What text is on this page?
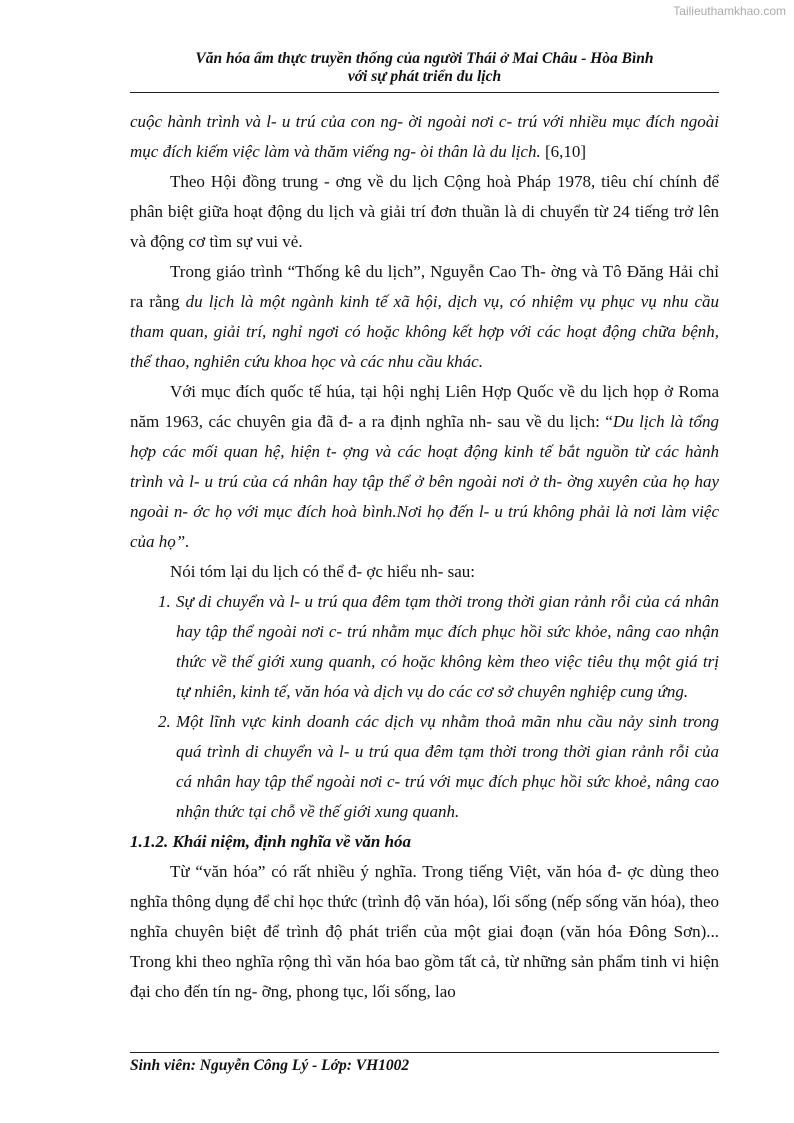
Tailieuthamkhao.com
Văn hóa ẩm thực truyền thống của người Thái ở Mai Châu - Hòa Bình
với sự phát triển du lịch

cuộc hành trình và l- u trú của con ng- ời ngoài nơi c- trú với nhiều mục đích ngoài mục đích kiếm việc làm và thăm viếng ng- òi thân là du lịch. [6,10]

Theo Hội đồng trung - ơng về du lịch Cộng hoà Pháp 1978, tiêu chí chính để phân biệt giữa hoạt động du lịch và giải trí đơn thuần là di chuyển từ 24 tiếng trở lên và động cơ tìm sự vui vẻ.

Trong giáo trình “Thống kê du lịch”, Nguyễn Cao Th- ờng và Tô Đăng Hải chỉ ra rằng du lịch là một ngành kinh tế xã hội, dịch vụ, có nhiệm vụ phục vụ nhu cầu tham quan, giải trí, nghỉ ngơi có hoặc không kết hợp với các hoạt động chữa bệnh, thể thao, nghiên cứu khoa học và các nhu cầu khác.

Với mục đích quốc tế húa, tại hội nghị Liên Hợp Quốc về du lịch họp ở Roma năm 1963, các chuyên gia đã đ- a ra định nghĩa nh- sau về du lịch: “Du lịch là tổng hợp các mối quan hệ, hiện t- ợng và các hoạt động kinh tế bắt nguồn từ các hành trình và l- u trú của cá nhân hay tập thể ở bên ngoài nơi ở th- ờng xuyên của họ hay ngoài n- ớc họ với mục đích hoà bình.Nơi họ đến l- u trú không phải là nơi làm việc của họ”.

Nói tóm lại du lịch có thể đ- ợc hiểu nh- sau:

1. Sự di chuyển và l- u trú qua đêm tạm thời trong thời gian rảnh rỗi của cá nhân hay tập thể ngoài nơi c- trú nhằm mục đích phục hồi sức khỏe, nâng cao nhận thức về thế giới xung quanh, có hoặc không kèm theo việc tiêu thụ một giá trị tự nhiên, kinh tế, văn hóa và dịch vụ do các cơ sở chuyên nghiệp cung ứng.
2. Một lĩnh vực kinh doanh các dịch vụ nhằm thoả mãn nhu cầu nảy sinh trong quá trình di chuyển và l- u trú qua đêm tạm thời trong thời gian rảnh rỗi của cá nhân hay tập thể ngoài nơi c- trú với mục đích phục hồi sức khoẻ, nâng cao nhận thức tại chỗ về thế giới xung quanh.

1.1.2. Khái niệm, định nghĩa về văn hóa

Từ “văn hóa” có rất nhiều ý nghĩa. Trong tiếng Việt, văn hóa đ- ợc dùng theo nghĩa thông dụng để chỉ học thức (trình độ văn hóa), lối sống (nếp sống văn hóa), theo nghĩa chuyên biệt để trình độ phát triển của một giai đoạn (văn hóa Đông Sơn)... Trong khi theo nghĩa rộng thì văn hóa bao gồm tất cả, từ những sản phẩm tinh vi hiện đại cho đến tín ng- ỡng, phong tục, lối sống, lao

Sinh viên: Nguyễn Công Lý - Lớp: VH1002
